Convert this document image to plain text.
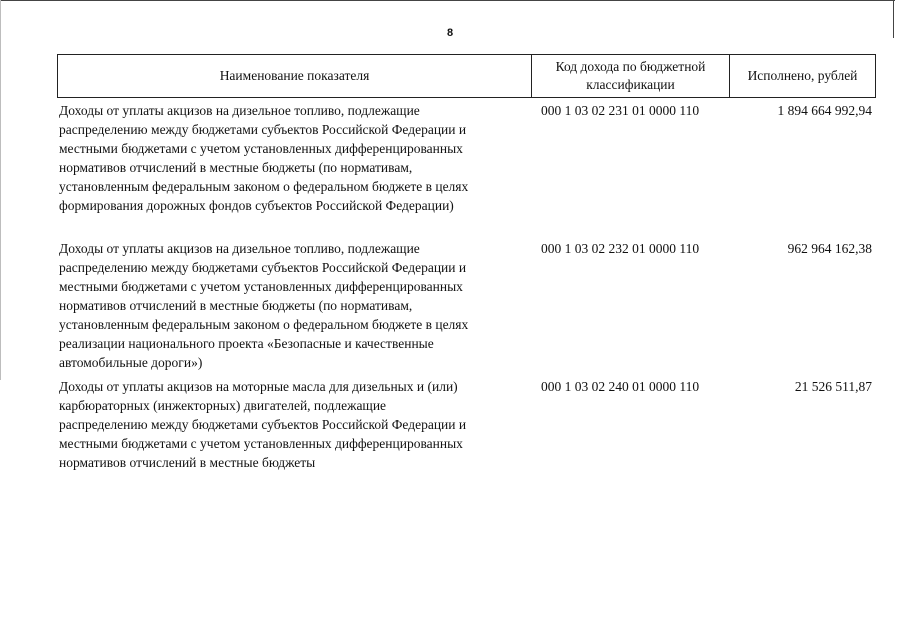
8
Наименование показателя
Код дохода по бюджетной классификации
Исполнено, рублей
Доходы от уплаты акцизов на дизельное топливо, подлежащие
распределению между бюджетами субъектов Российской Федерации и
местными бюджетами с учетом установленных дифференцированных
нормативов отчислений в местные бюджеты (по нормативам,
установленным федеральным законом о федеральном бюджете в целях
формирования дорожных фондов субъектов Российской Федерации)
000 1 03 02 231 01 0000 110	1 894 664 992,94
Доходы от уплаты акцизов на дизельное топливо, подлежащие
распределению между бюджетами субъектов Российской Федерации и
местными бюджетами с учетом установленных дифференцированных
нормативов отчислений в местные бюджеты (по нормативам,
установленным федеральным законом о федеральном бюджете в целях
реализации национального проекта «Безопасные и качественные
автомобильные дороги»)
000 1 03 02 232 01 0000 110	962 964 162,38
Доходы от уплаты акцизов на моторные масла для дизельных и (или)
карбюраторных (инжекторных) двигателей, подлежащие
распределению между бюджетами субъектов Российской Федерации и
местными бюджетами с учетом установленных дифференцированных
нормативов отчислений в местные бюджеты
000 1 03 02 240 01 0000 110	21 526 511,87
